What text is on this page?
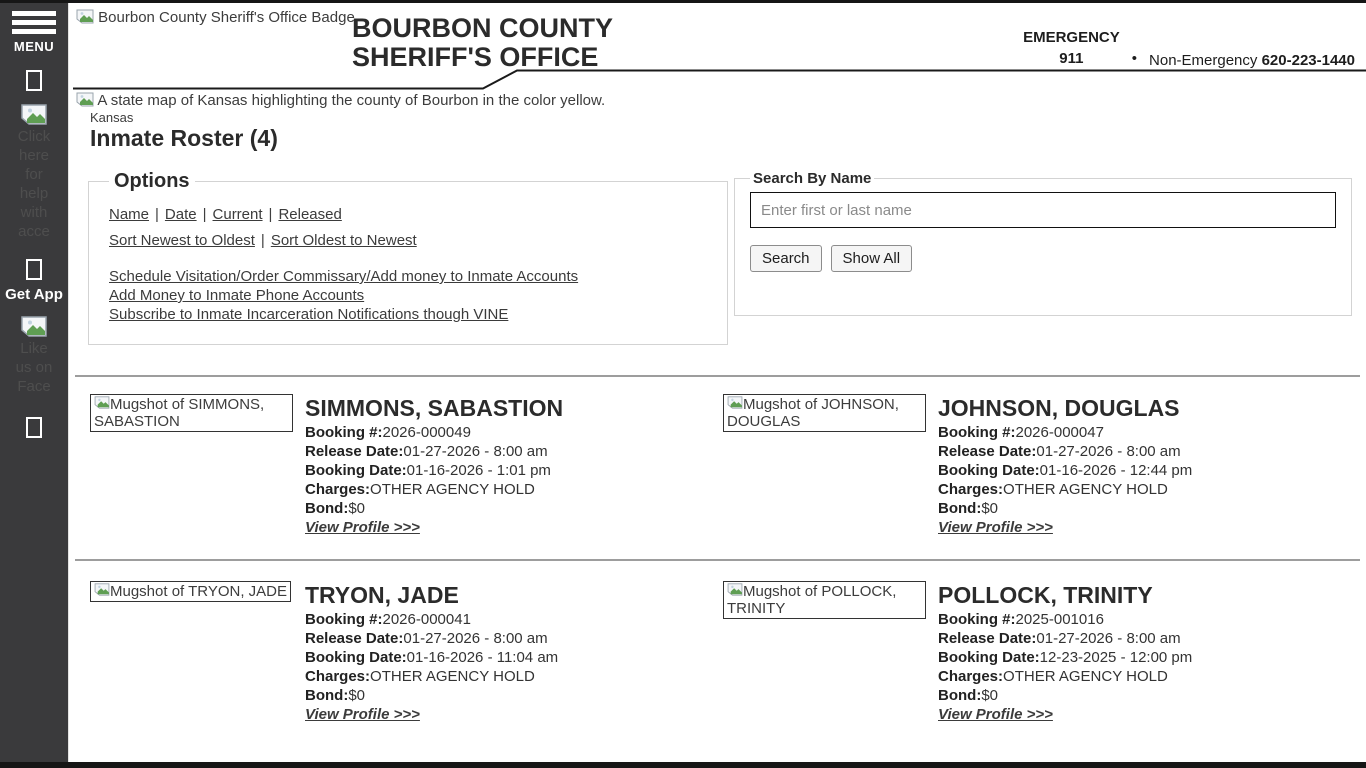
MENU
Click here for help with acce
Get App
Like us on Face
Bourbon County Sheriff's Office Badge
BOURBON COUNTY
SHERIFF'S OFFICE
EMERGENCY
911	• Non-Emergency 620-223-1440
A state map of Kansas highlighting the county of Bourbon in the color yellow.
Kansas
Inmate Roster (4)
Options
Name | Date | Current | Released
Sort Newest to Oldest | Sort Oldest to Newest
Schedule Visitation/Order Commissary/Add money to Inmate Accounts
Add Money to Inmate Phone Accounts
Subscribe to Inmate Incarceration Notifications though VINE
Search By Name
Enter first or last name
Search	Show All
Mugshot of SIMMONS, SABASTION
SIMMONS, SABASTION

Booking #:2026-000049

Release Date:01-27-2026 - 8:00 am

Booking Date:01-16-2026 - 1:01 pm

Charges:OTHER AGENCY HOLD

Bond:$0

View Profile >>>
Mugshot of JOHNSON, DOUGLAS
JOHNSON, DOUGLAS

Booking #:2026-000047

Release Date:01-27-2026 - 8:00 am

Booking Date:01-16-2026 - 12:44 pm

Charges:OTHER AGENCY HOLD

Bond:$0

View Profile >>>
Mugshot of TRYON, JADE TRYON, JADE

Booking #:2026-000041

Release Date:01-27-2026 - 8:00 am

Booking Date:01-16-2026 - 11:04 am

Charges:OTHER AGENCY HOLD

Bond:$0

View Profile >>>
Mugshot of POLLOCK, TRINITY
POLLOCK, TRINITY

Booking #:2025-001016

Release Date:01-27-2026 - 8:00 am

Booking Date:12-23-2025 - 12:00 pm

Charges:OTHER AGENCY HOLD

Bond:$0

View Profile >>>
